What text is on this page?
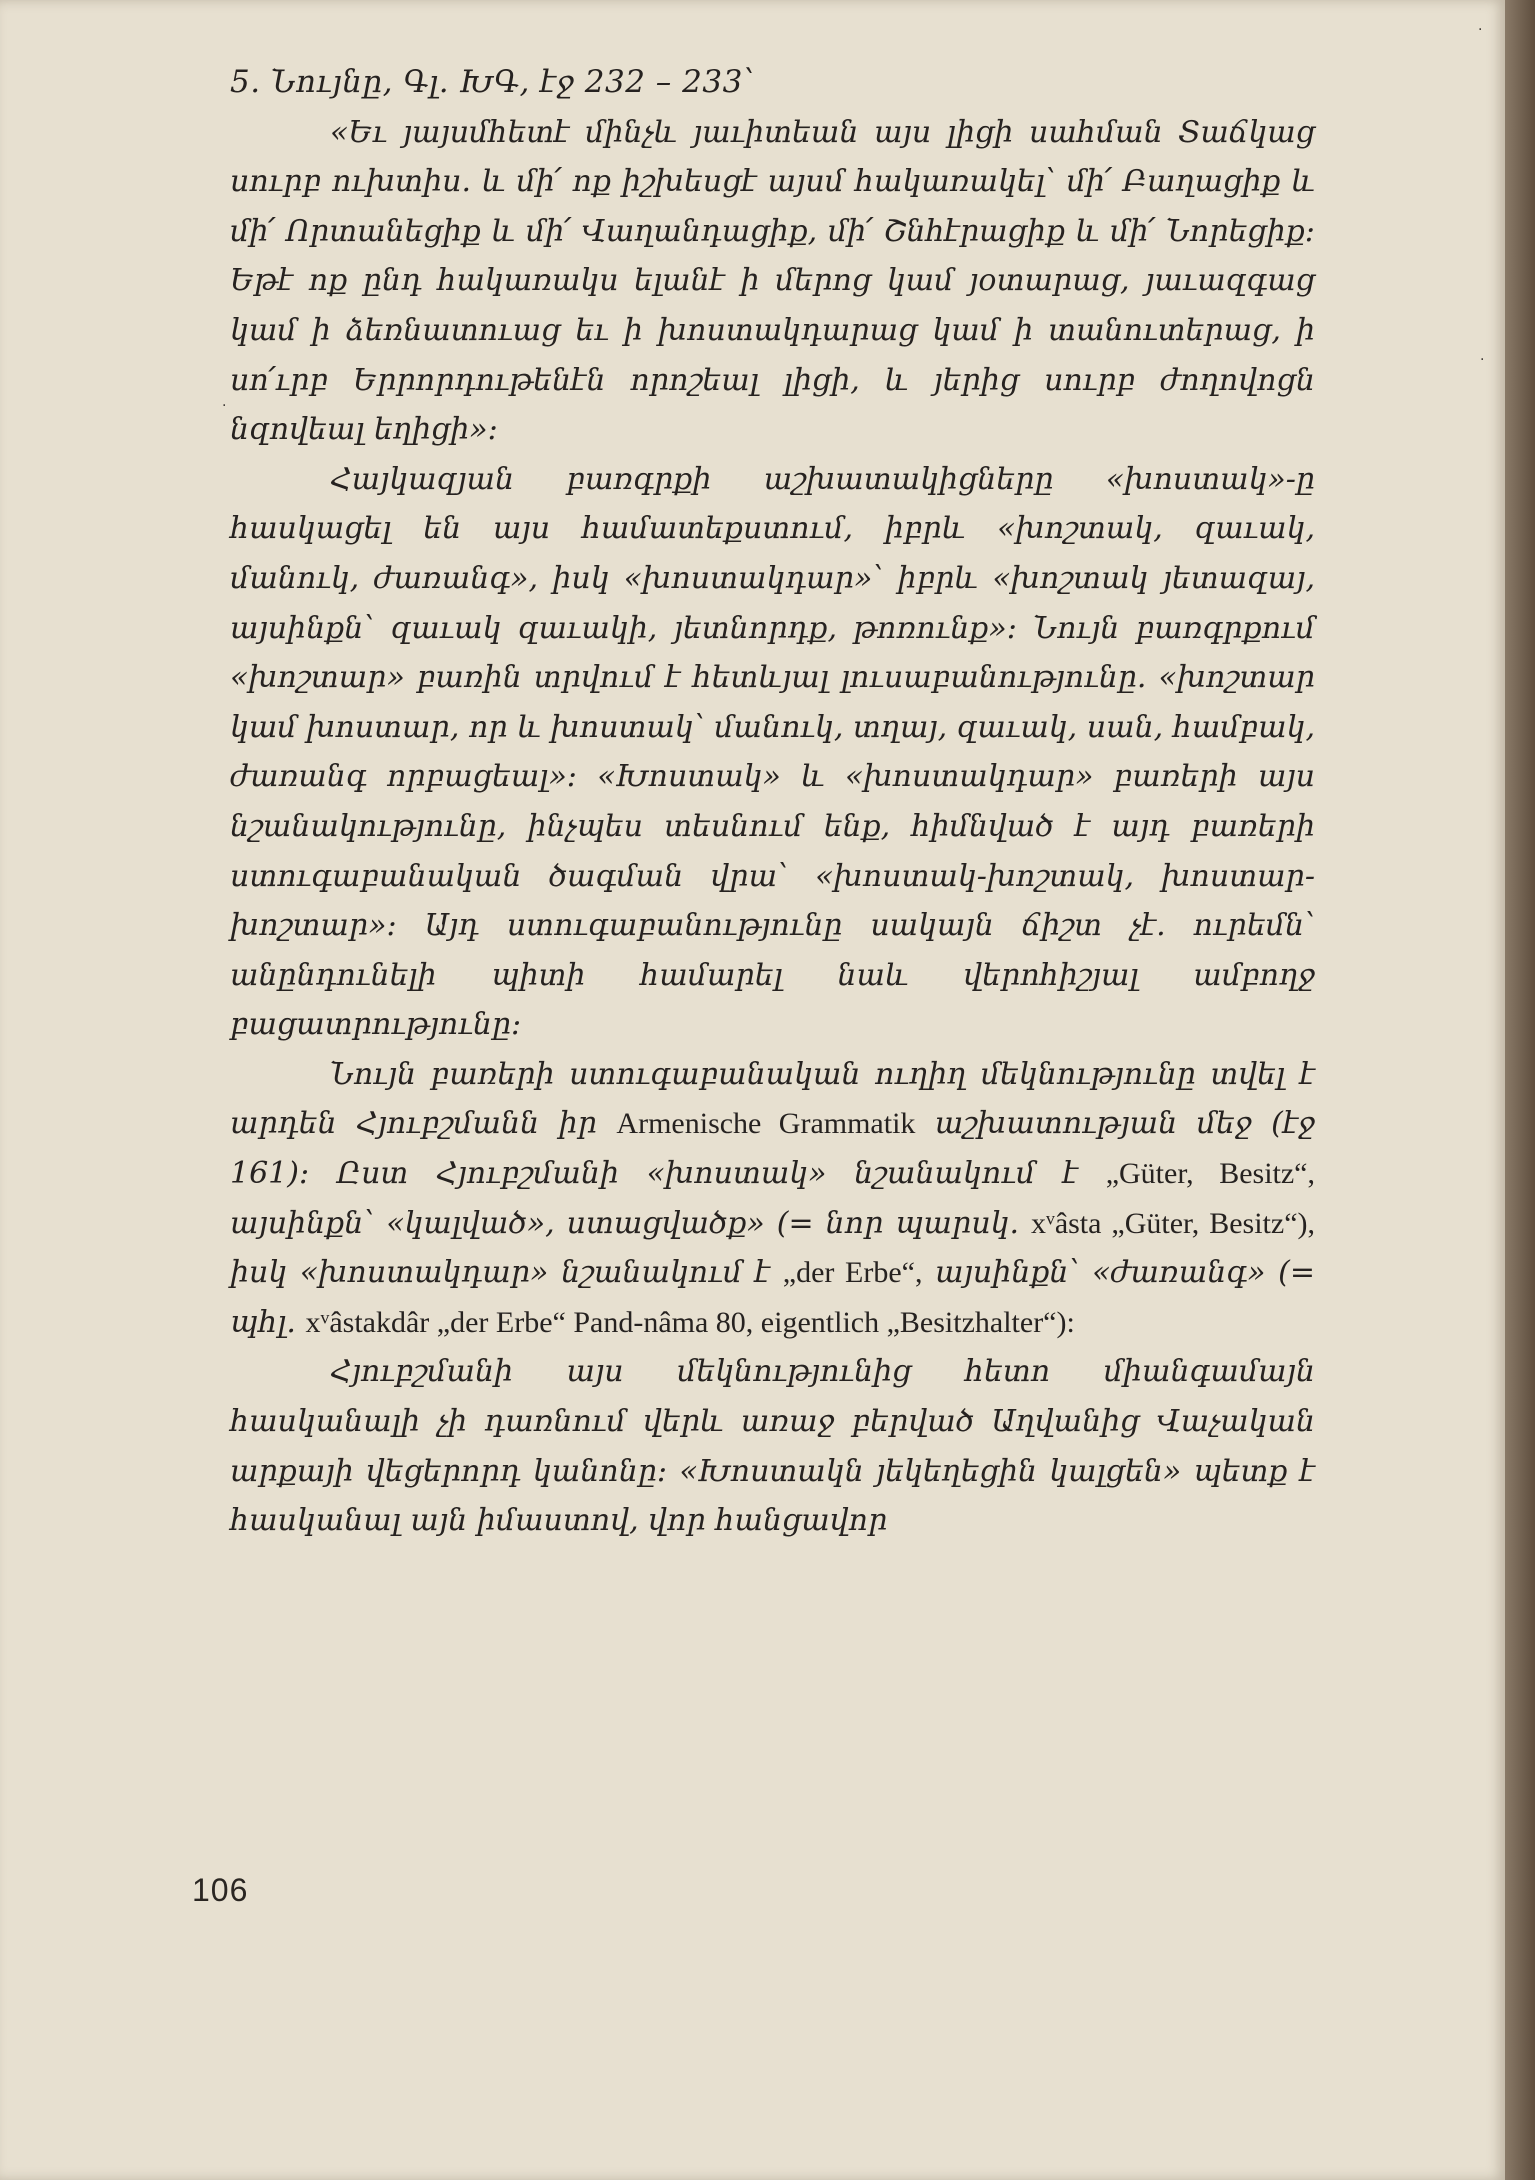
5. Նույնը, Գլ. ԽԳ, էջ 232 – 233՝

«Եւ յայսմհետէ մինչև յաւիտեան այս լիցի սահման Տաճկաց սուրբ ուխտիս. և մի՛ ոք իշխեսցէ այսմ հակառակել՝ մի՛ Բաղացիք և մի՛ Որտանեցիք և մի՛ Վաղանդացիք, մի՛ Շնհէրացիք և մի՛ Նորեցիք։ Եթէ ոք ընդ հակառակս ելանէ ի մերոց կամ յօտարաց, յաւազգաց կամ ի ձեռնատուաց եւ ի խոստակդարաց կամ ի տանուտերաց, ի սո՛ւրբ Երրորդութենէն որոշեալ լիցի, և յերից սուրբ ժողովոցն նզովեալ եղիցի»։

Հայկազյան բառգրքի աշխատակիցները «խոստակ»-ը հասկացել են այս համատեքստում, իբրև «խոշտակ, զաւակ, մանուկ, ժառանգ», իսկ «խոստակդար»՝ իբրև «խոշտակ յետազայ, այսինքն՝ զաւակ զաւակի, յետնորդք, թոռունք»։ Նույն բառգրքում «խոշտար» բառին տրվում է հետևյալ լուսաբանությունը. «խոշտար կամ խոստար, որ և խոստակ՝ մանուկ, տղայ, զաւակ, սան, համբակ, ժառանգ որբացեալ»։ «Խոստակ» և «խոստակդար» բառերի այս նշանակությունը, ինչպես տեսնում ենք, հիմնված է այդ բառերի ստուգաբանական ծագման վրա՝ «խոստակ-խոշտակ, խոստար-խոշտար»։ Այդ ստուգաբանությունը սակայն ճիշտ չէ. ուրեմն՝ անընդունելի պիտի համարել նաև վերոհիշյալ ամբողջ բացատրությունը։

Նույն բառերի ստուգաբանական ուղիղ մեկնությունը տվել է արդեն Հյուբշմանն իր Armenische Grammatik աշխատության մեջ (էջ 161)։ Ըստ Հյուբշմանի «խոստակ» նշանակում է „Güter, Besitz“, այսինքն՝ «կալված», ստացվածք» (= նոր պարսկ. xᵛâsta „Güter, Besitz“), իսկ «խոստակդար» նշանակում է „der Erbe“, այսինքն՝ «ժառանգ» (= պհլ. xᵛâstakdâr „der Erbe“ Pand-nâma 80, eigentlich „Besitzhalter“):

Հյուբշմանի այս մեկնությունից հետո միանգամայն հասկանալի չի դառնում վերև առաջ բերված Աղվանից Վաչական արքայի վեցերորդ կանոնը։ «Խոստակն յեկեղեցին կալցեն» պետք է հասկանալ այն իմաստով, վոր հանցավոր

106
·
·
·
